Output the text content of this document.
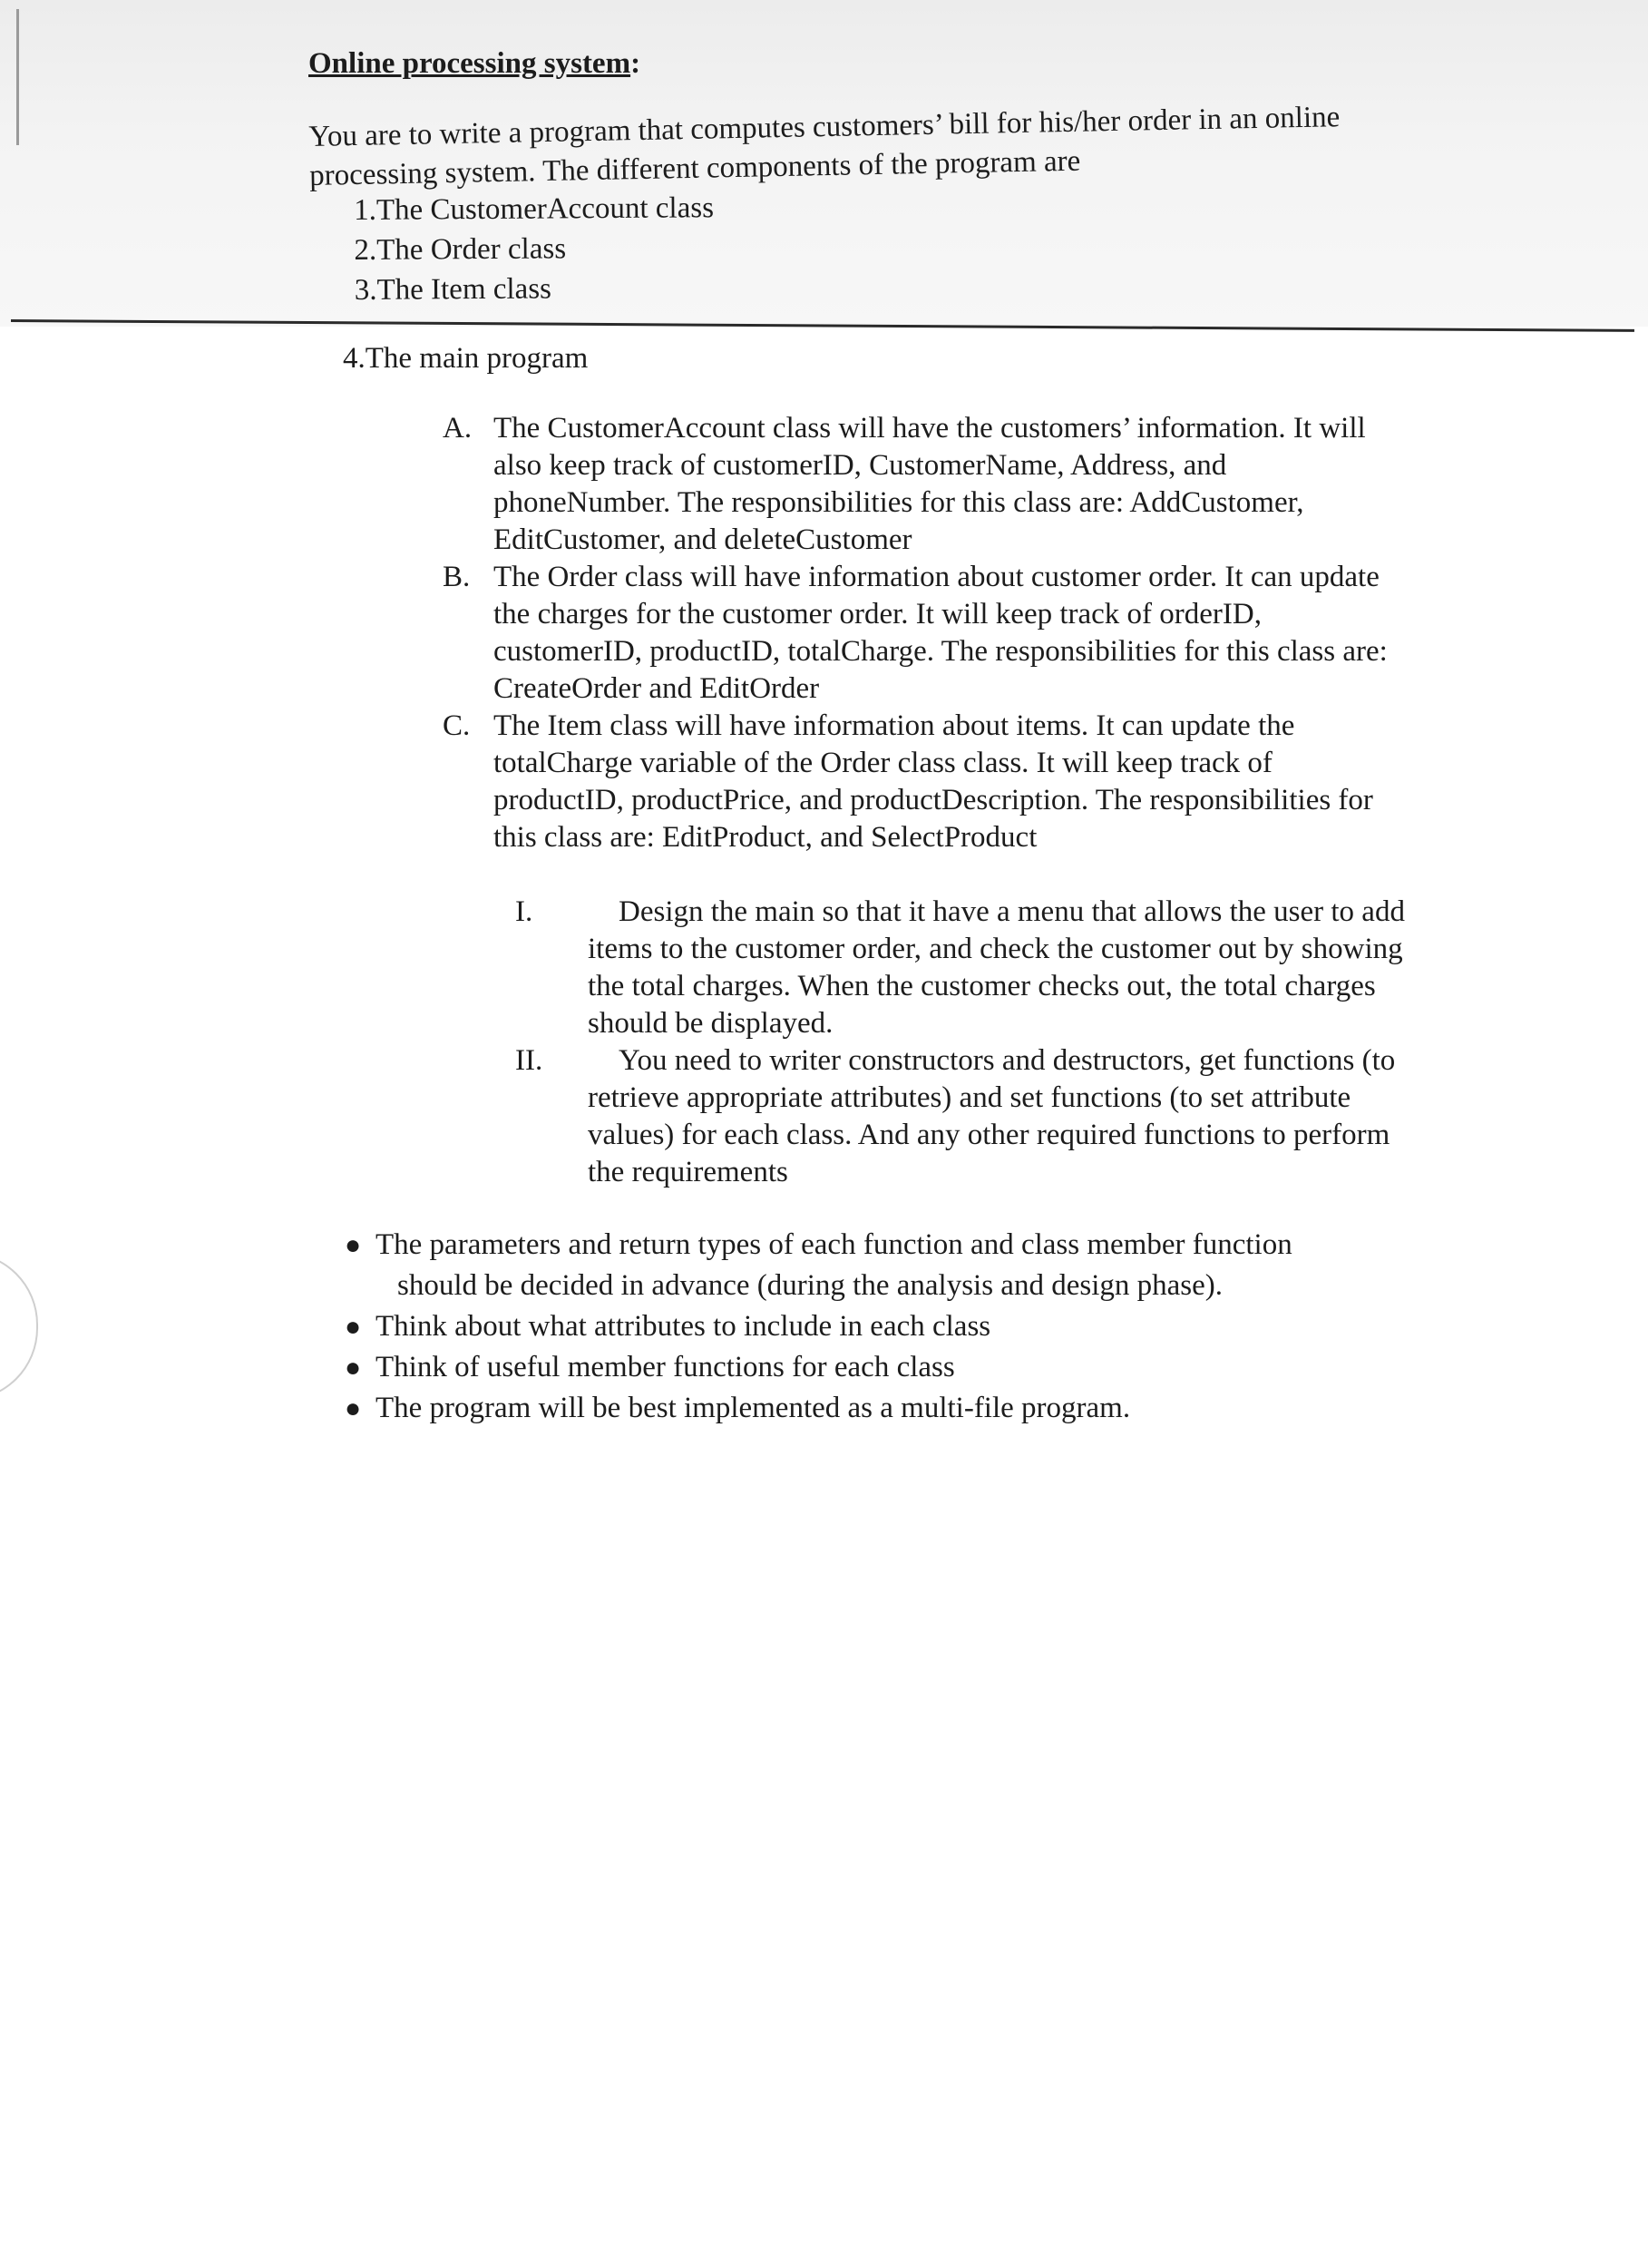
Online processing system:

You are to write a program that computes customers’ bill for his/her order in an online processing system. The different components of the program are

1.The CustomerAccount class
2.The Order class
3.The Item class
4.The main program
A. The CustomerAccount class will have the customers’ information. It will also keep track of customerID, CustomerName, Address, and phoneNumber. The responsibilities for this class are: AddCustomer, EditCustomer, and deleteCustomer
B. The Order class will have information about customer order. It can update the charges for the customer order. It will keep track of orderID, customerID, productID, totalCharge. The responsibilities for this class are: CreateOrder and EditOrder
C. The Item class will have information about items. It can update the totalCharge variable of the Order class class. It will keep track of productID, productPrice, and productDescription. The responsibilities for this class are: EditProduct, and SelectProduct
I.	Design the main so that it have a menu that allows the user to add items to the customer order, and check the customer out by showing the total charges. When the customer checks out, the total charges should be displayed.
II.	You need to writer constructors and destructors, get functions (to retrieve appropriate attributes) and set functions (to set attribute values) for each class. And any other required functions to perform the requirements
● The parameters and return types of each function and class member function
should be decided in advance (during the analysis and design phase).
● Think about what attributes to include in each class
● Think of useful member functions for each class
● The program will be best implemented as a multi-file program.
